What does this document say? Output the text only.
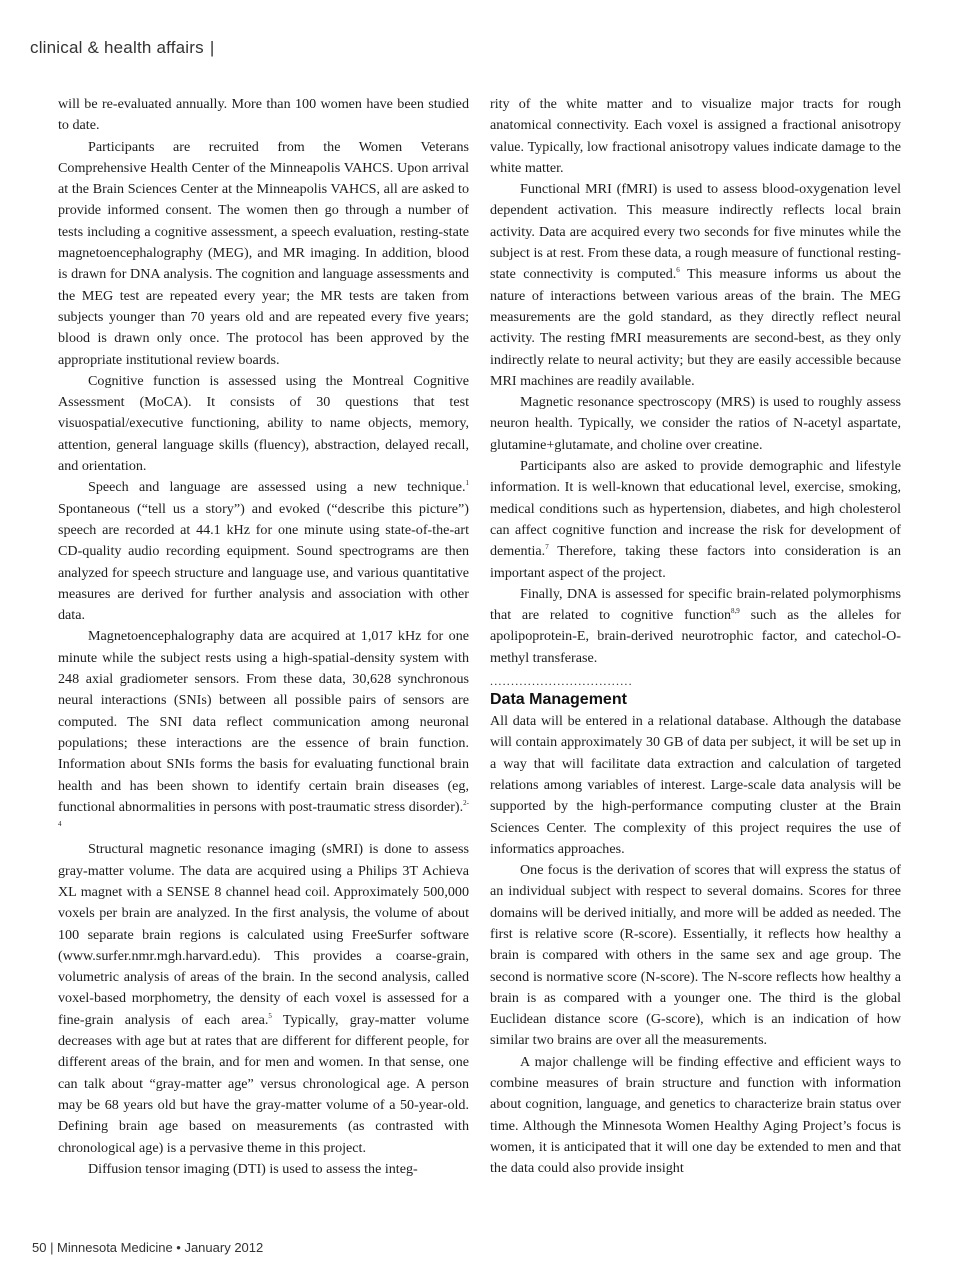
clinical & health affairs |

will be re-evaluated annually. More than 100 women have been studied to date.

Participants are recruited from the Women Veterans Comprehensive Health Center of the Minneapolis VAHCS. Upon arrival at the Brain Sciences Center at the Minneapolis VAHCS, all are asked to provide informed consent. The women then go through a number of tests including a cognitive assessment, a speech evaluation, resting-state magnetoencephalography (MEG), and MR imaging. In addition, blood is drawn for DNA analysis. The cognition and language assessments and the MEG test are repeated every year; the MR tests are taken from subjects younger than 70 years old and are repeated every five years; blood is drawn only once. The protocol has been approved by the appropriate institutional review boards.

Cognitive function is assessed using the Montreal Cognitive Assessment (MoCA). It consists of 30 questions that test visuospatial/executive functioning, ability to name objects, memory, attention, general language skills (fluency), abstraction, delayed recall, and orientation.

Speech and language are assessed using a new technique.$^1$ Spontaneous (“tell us a story”) and evoked (“describe this picture”) speech are recorded at 44.1 kHz for one minute using state-of-the-art CD-quality audio recording equipment. Sound spectrograms are then analyzed for speech structure and language use, and various quantitative measures are derived for further analysis and association with other data.

Magnetoencephalography data are acquired at 1,017 kHz for one minute while the subject rests using a high-spatial-density system with 248 axial gradiometer sensors. From these data, 30,628 synchronous neural interactions (SNIs) between all possible pairs of sensors are computed. The SNI data reflect communication among neuronal populations; these interactions are the essence of brain function. Information about SNIs forms the basis for evaluating functional brain health and has been shown to identify certain brain diseases (eg, functional abnormalities in persons with post-traumatic stress disorder).$^{2-4}$

Structural magnetic resonance imaging (sMRI) is done to assess gray-matter volume. The data are acquired using a Philips 3T Achieva XL magnet with a SENSE 8 channel head coil. Approximately 500,000 voxels per brain are analyzed. In the first analysis, the volume of about 100 separate brain regions is calculated using FreeSurfer software (www.surfer.nmr.mgh.harvard.edu). This provides a coarse-grain, volumetric analysis of areas of the brain. In the second analysis, called voxel-based morphometry, the density of each voxel is assessed for a fine-grain analysis of each area.$^5$ Typically, gray-matter volume decreases with age but at rates that are different for different people, for different areas of the brain, and for men and women. In that sense, one can talk about “gray-matter age” versus chronological age. A person may be 68 years old but have the gray-matter volume of a 50-year-old. Defining brain age based on measurements (as contrasted with chronological age) is a pervasive theme in this project.

Diffusion tensor imaging (DTI) is used to assess the integ-

rity of the white matter and to visualize major tracts for rough anatomical connectivity. Each voxel is assigned a fractional anisotropy value. Typically, low fractional anisotropy values indicate damage to the white matter.

Functional MRI (fMRI) is used to assess blood-oxygenation level dependent activation. This measure indirectly reflects local brain activity. Data are acquired every two seconds for five minutes while the subject is at rest. From these data, a rough measure of functional resting-state connectivity is computed.$^6$ This measure informs us about the nature of interactions between various areas of the brain. The MEG measurements are the gold standard, as they directly reflect neural activity. The resting fMRI measurements are second-best, as they only indirectly relate to neural activity; but they are easily accessible because MRI machines are readily available.

Magnetic resonance spectroscopy (MRS) is used to roughly assess neuron health. Typically, we consider the ratios of N-acetyl aspartate, glutamine+glutamate, and choline over creatine.

Participants also are asked to provide demographic and lifestyle information. It is well-known that educational level, exercise, smoking, medical conditions such as hypertension, diabetes, and high cholesterol can affect cognitive function and increase the risk for development of dementia.$^7$ Therefore, taking these factors into consideration is an important aspect of the project.

Finally, DNA is assessed for specific brain-related polymorphisms that are related to cognitive function$^{8,9}$ such as the alleles for apolipoprotein-E, brain-derived neurotrophic factor, and catechol-O-methyl transferase.

..................................
Data Management

All data will be entered in a relational database. Although the database will contain approximately 30 GB of data per subject, it will be set up in a way that will facilitate data extraction and calculation of targeted relations among variables of interest. Large-scale data analysis will be supported by the high-performance computing cluster at the Brain Sciences Center. The complexity of this project requires the use of informatics approaches.

One focus is the derivation of scores that will express the status of an individual subject with respect to several domains. Scores for three domains will be derived initially, and more will be added as needed. The first is relative score (R-score). Essentially, it reflects how healthy a brain is compared with others in the same sex and age group. The second is normative score (N-score). The N-score reflects how healthy a brain is as compared with a younger one. The third is the global Euclidean distance score (G-score), which is an indication of how similar two brains are over all the measurements.

A major challenge will be finding effective and efficient ways to combine measures of brain structure and function with information about cognition, language, and genetics to characterize brain status over time. Although the Minnesota Women Healthy Aging Project’s focus is women, it is anticipated that it will one day be extended to men and that the data could also provide insight

50 | Minnesota Medicine • January 2012
